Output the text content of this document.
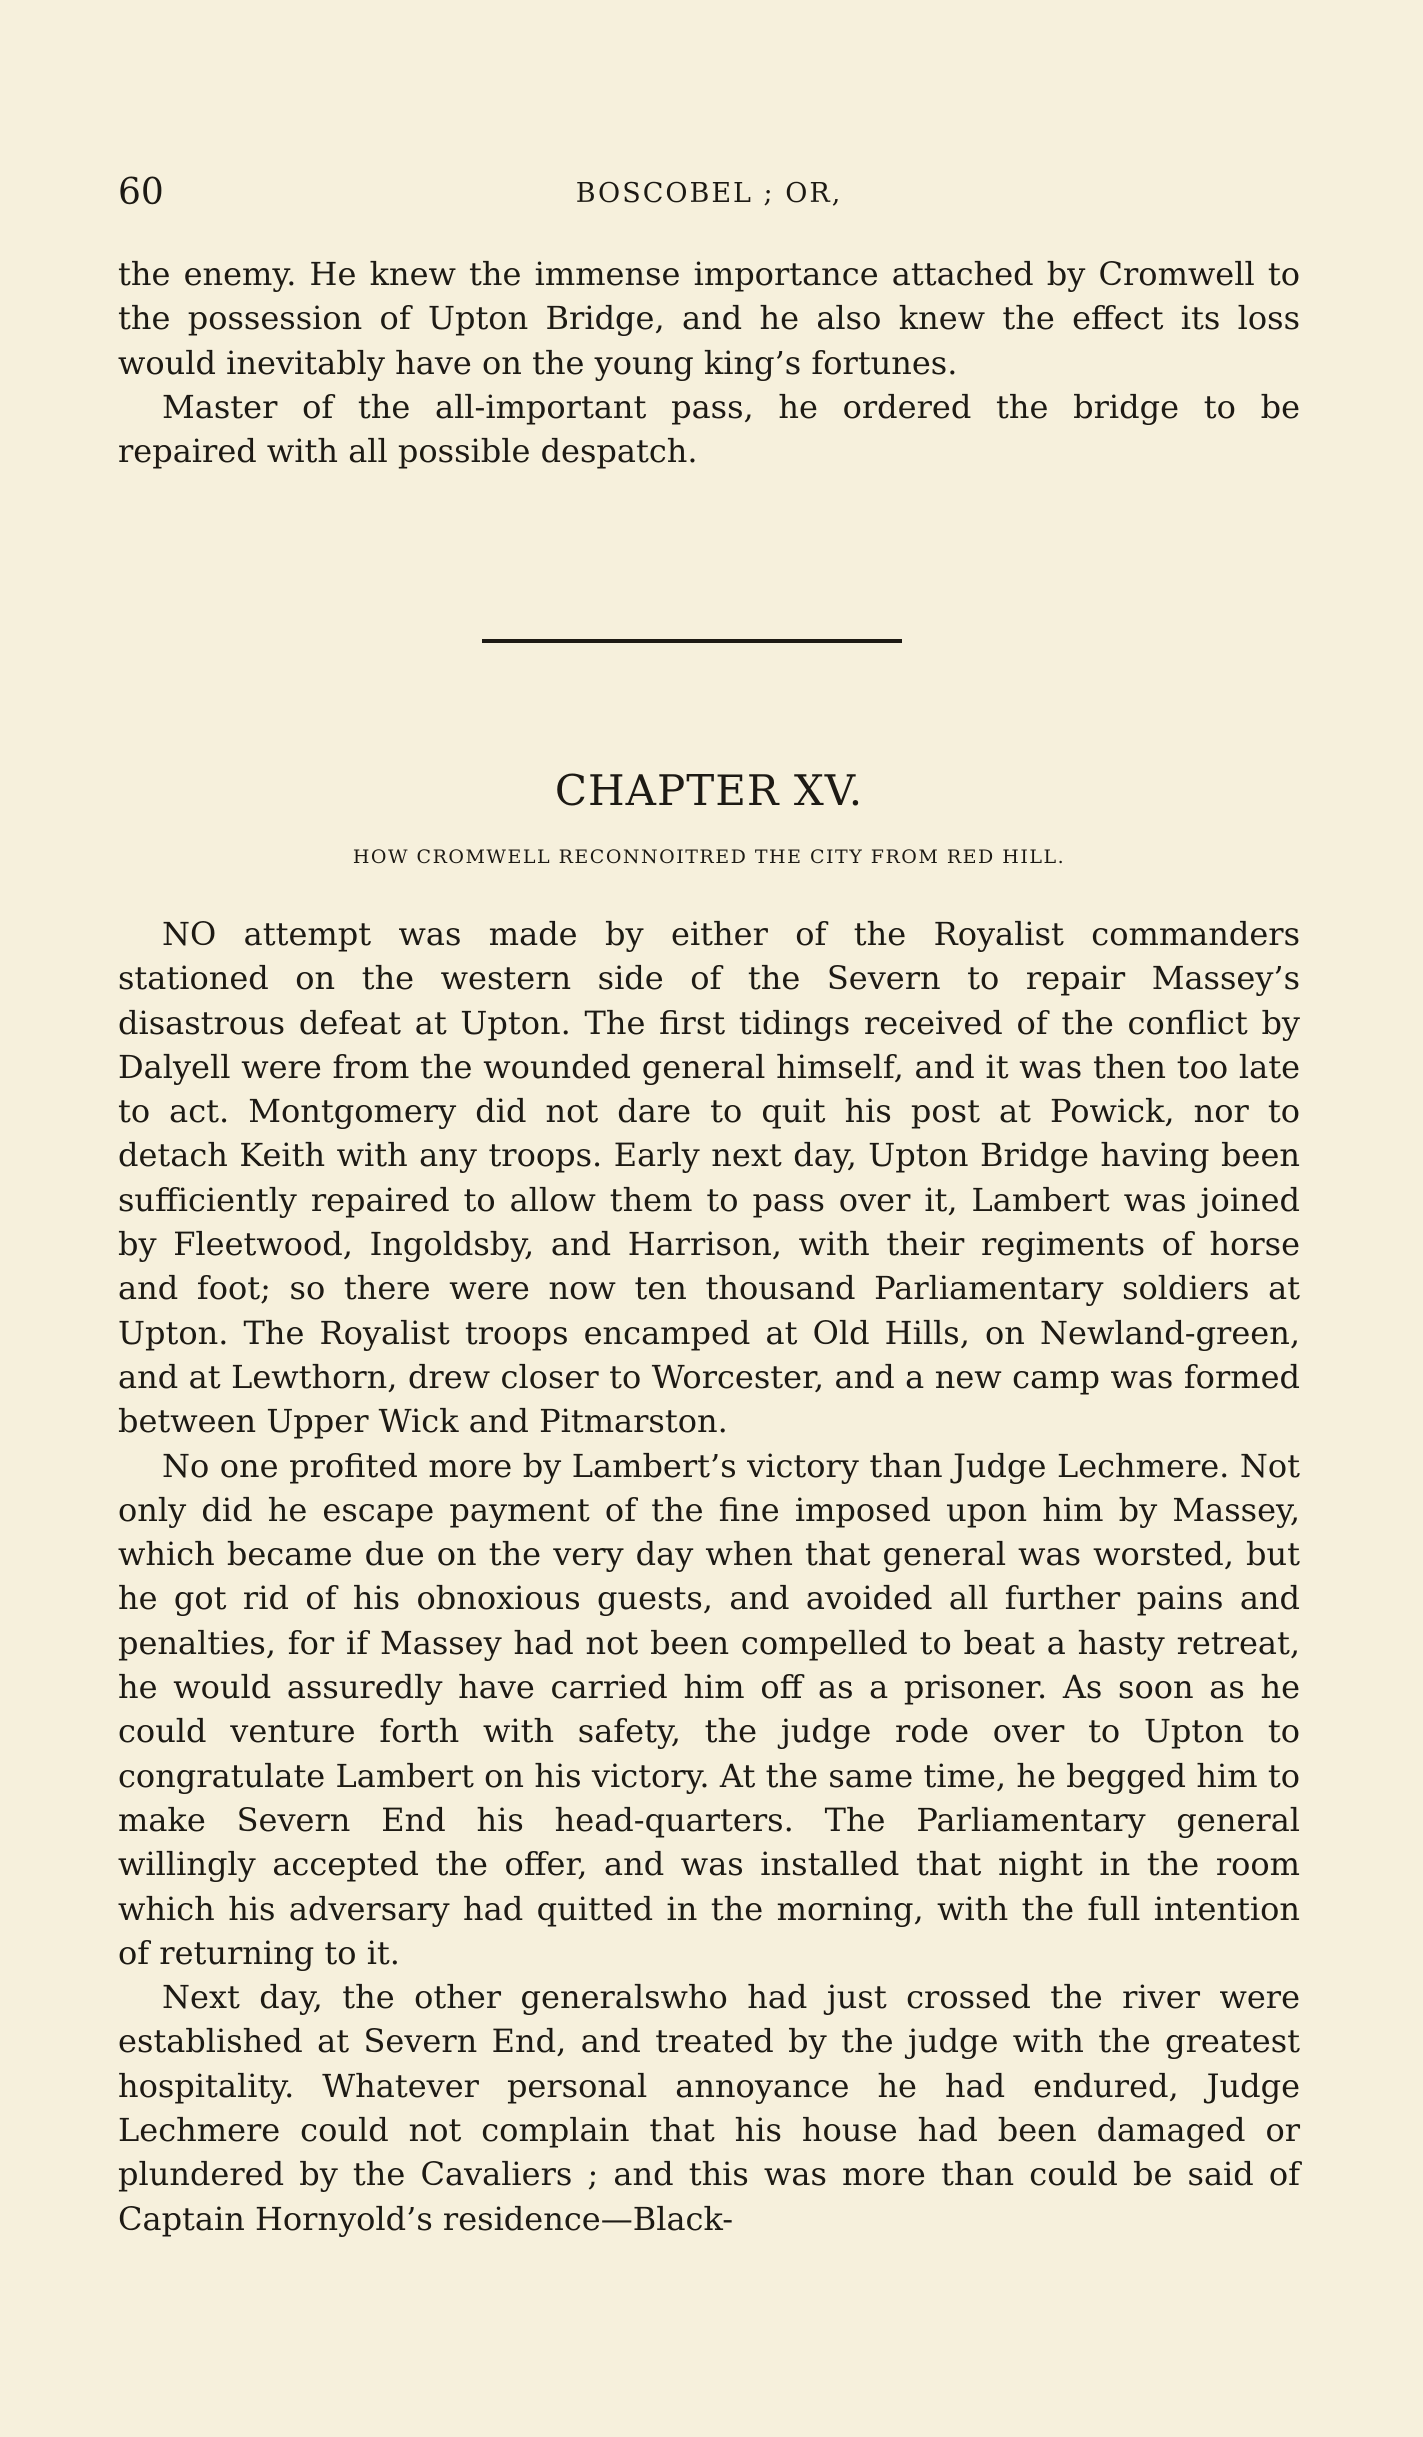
60	BOSCOBEL ; OR,

the enemy. He knew the immense importance attached by Cromwell to the possession of Upton Bridge, and he also knew the effect its loss would inevitably have on the young king’s fortunes.

Master of the all-important pass, he ordered the bridge to be repaired with all possible despatch.

CHAPTER XV.
HOW CROMWELL RECONNOITRED THE CITY FROM RED HILL.

NO attempt was made by either of the Royalist commanders stationed on the western side of the Severn to repair Massey’s disastrous defeat at Upton. The first tidings received of the conflict by Dalyell were from the wounded general himself, and it was then too late to act. Montgomery did not dare to quit his post at Powick, nor to detach Keith with any troops. Early next day, Upton Bridge having been sufficiently repaired to allow them to pass over it, Lambert was joined by Fleetwood, Ingoldsby, and Harrison, with their regiments of horse and foot; so there were now ten thousand Parliamentary soldiers at Upton. The Royalist troops encamped at Old Hills, on Newland-green, and at Lewthorn, drew closer to Worcester, and a new camp was formed between Upper Wick and Pitmarston.

No one profited more by Lambert’s victory than Judge Lechmere. Not only did he escape payment of the fine imposed upon him by Massey, which became due on the very day when that general was worsted, but he got rid of his obnoxious guests, and avoided all further pains and penalties, for if Massey had not been compelled to beat a hasty retreat, he would assuredly have carried him off as a prisoner. As soon as he could venture forth with safety, the judge rode over to Upton to congratulate Lambert on his victory. At the same time, he begged him to make Severn End his head-quarters. The Parliamentary general willingly accepted the offer, and was installed that night in the room which his adversary had quitted in the morning, with the full intention of returning to it.

Next day, the other generalswho had just crossed the river were established at Severn End, and treated by the judge with the greatest hospitality. Whatever personal annoyance he had endured, Judge Lechmere could not complain that his house had been damaged or plundered by the Cavaliers ; and this was more than could be said of Captain Hornyold’s residence—Black-
